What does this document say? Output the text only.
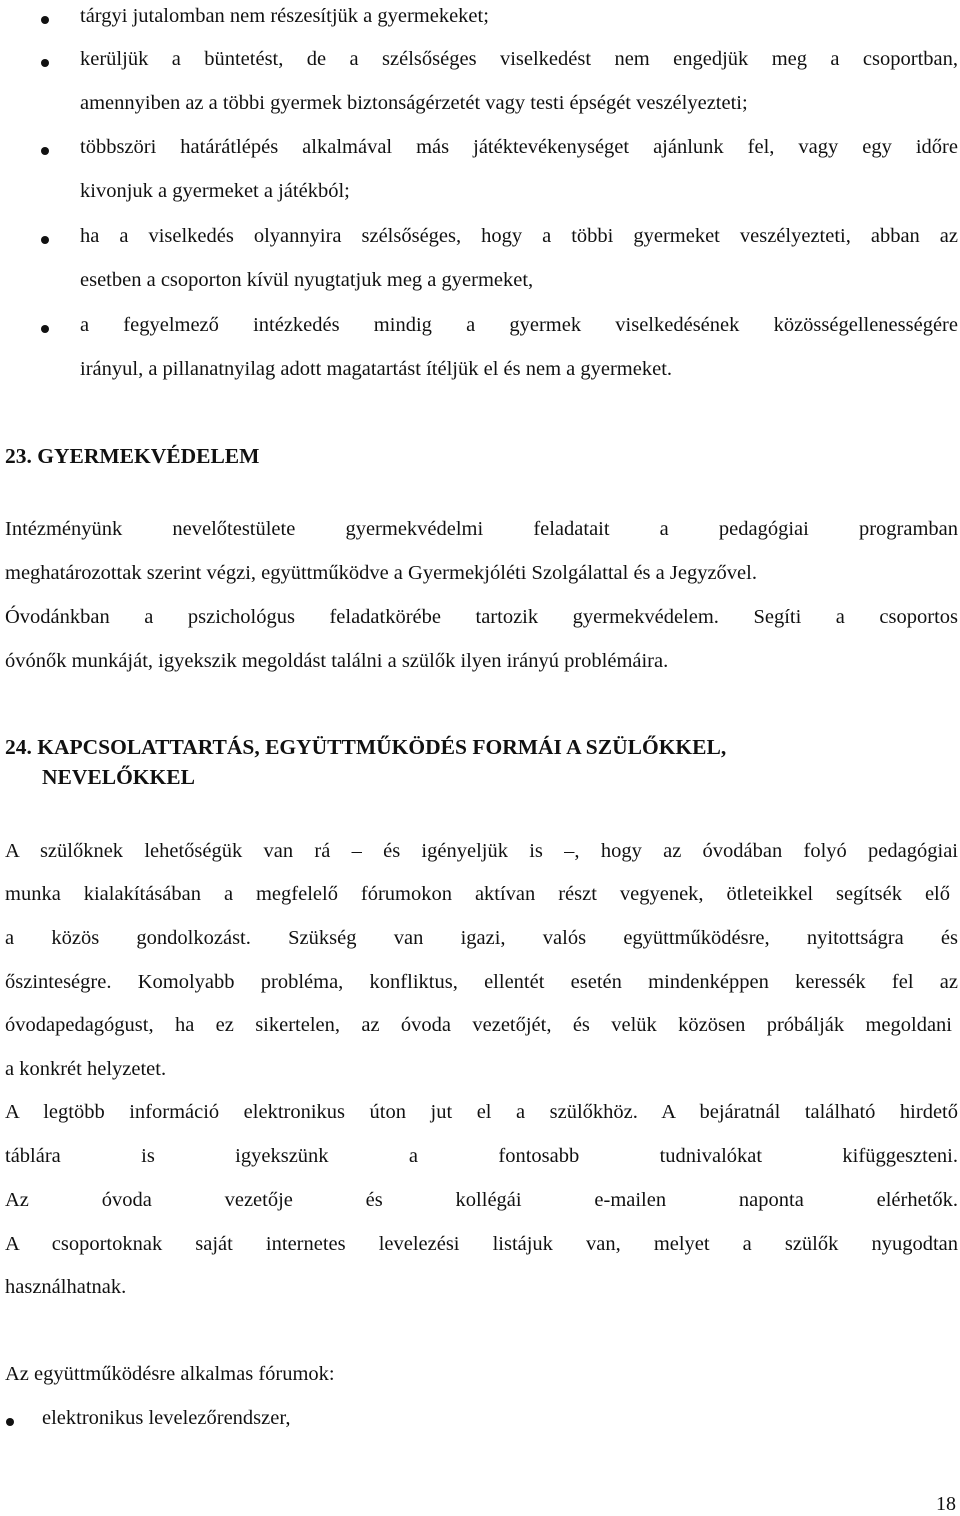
tárgyi jutalomban nem részesítjük a gyermekeket;
kerüljük a büntetést, de a szélsőséges viselkedést nem engedjük meg a csoportban,
amennyiben az a többi gyermek biztonságérzetét vagy testi épségét veszélyezteti;
többszöri határátlépés alkalmával más játéktevékenységet ajánlunk fel, vagy egy időre
kivonjuk a gyermeket a játékból;
ha a viselkedés olyannyira szélsőséges, hogy a többi gyermeket veszélyezteti, abban az
esetben a csoporton kívül nyugtatjuk meg a gyermeket,
a fegyelmező intézkedés mindig a gyermek viselkedésének közösségellenességére
irányul, a pillanatnyilag adott magatartást ítéljük el és nem a gyermeket.
23. GYERMEKVÉDELEM
Intézményünk nevelőtestülete gyermekvédelmi feladatait a pedagógiai programban
meghatározottak szerint végzi, együttműködve a Gyermekjóléti Szolgálattal és a Jegyzővel.
Óvodánkban a pszichológus feladatkörébe tartozik gyermekvédelem. Segíti a csoportos
óvónők munkáját, igyekszik megoldást találni a szülők ilyen irányú problémáira.
24. KAPCSOLATTARTÁS, EGYÜTTMŰKÖDÉS FORMÁI A SZÜLŐKKEL,
NEVELŐKKEL
A szülőknek lehetőségük van rá – és igényeljük is –, hogy az óvodában folyó pedagógiai
munka kialakításában a megfelelő fórumokon aktívan részt vegyenek, ötleteikkel segítsék elő
a közös gondolkozást. Szükség van igazi, valós együttműködésre, nyitottságra és
őszinteségre. Komolyabb probléma, konfliktus, ellentét esetén mindenképpen keressék fel az
óvodapedagógust, ha ez sikertelen, az óvoda vezetőjét, és velük közösen próbálják megoldani
a konkrét helyzetet.
A legtöbb információ elektronikus úton jut el a szülőkhöz. A bejáratnál található hirdető
táblára is igyekszünk a fontosabb tudnivalókat kifüggeszteni.
Az óvoda vezetője és kollégái e-mailen naponta elérhetők.
A csoportoknak saját internetes levelezési listájuk van, melyet a szülők nyugodtan
használhatnak.
Az együttműködésre alkalmas fórumok:
elektronikus levelezőrendszer,
18
